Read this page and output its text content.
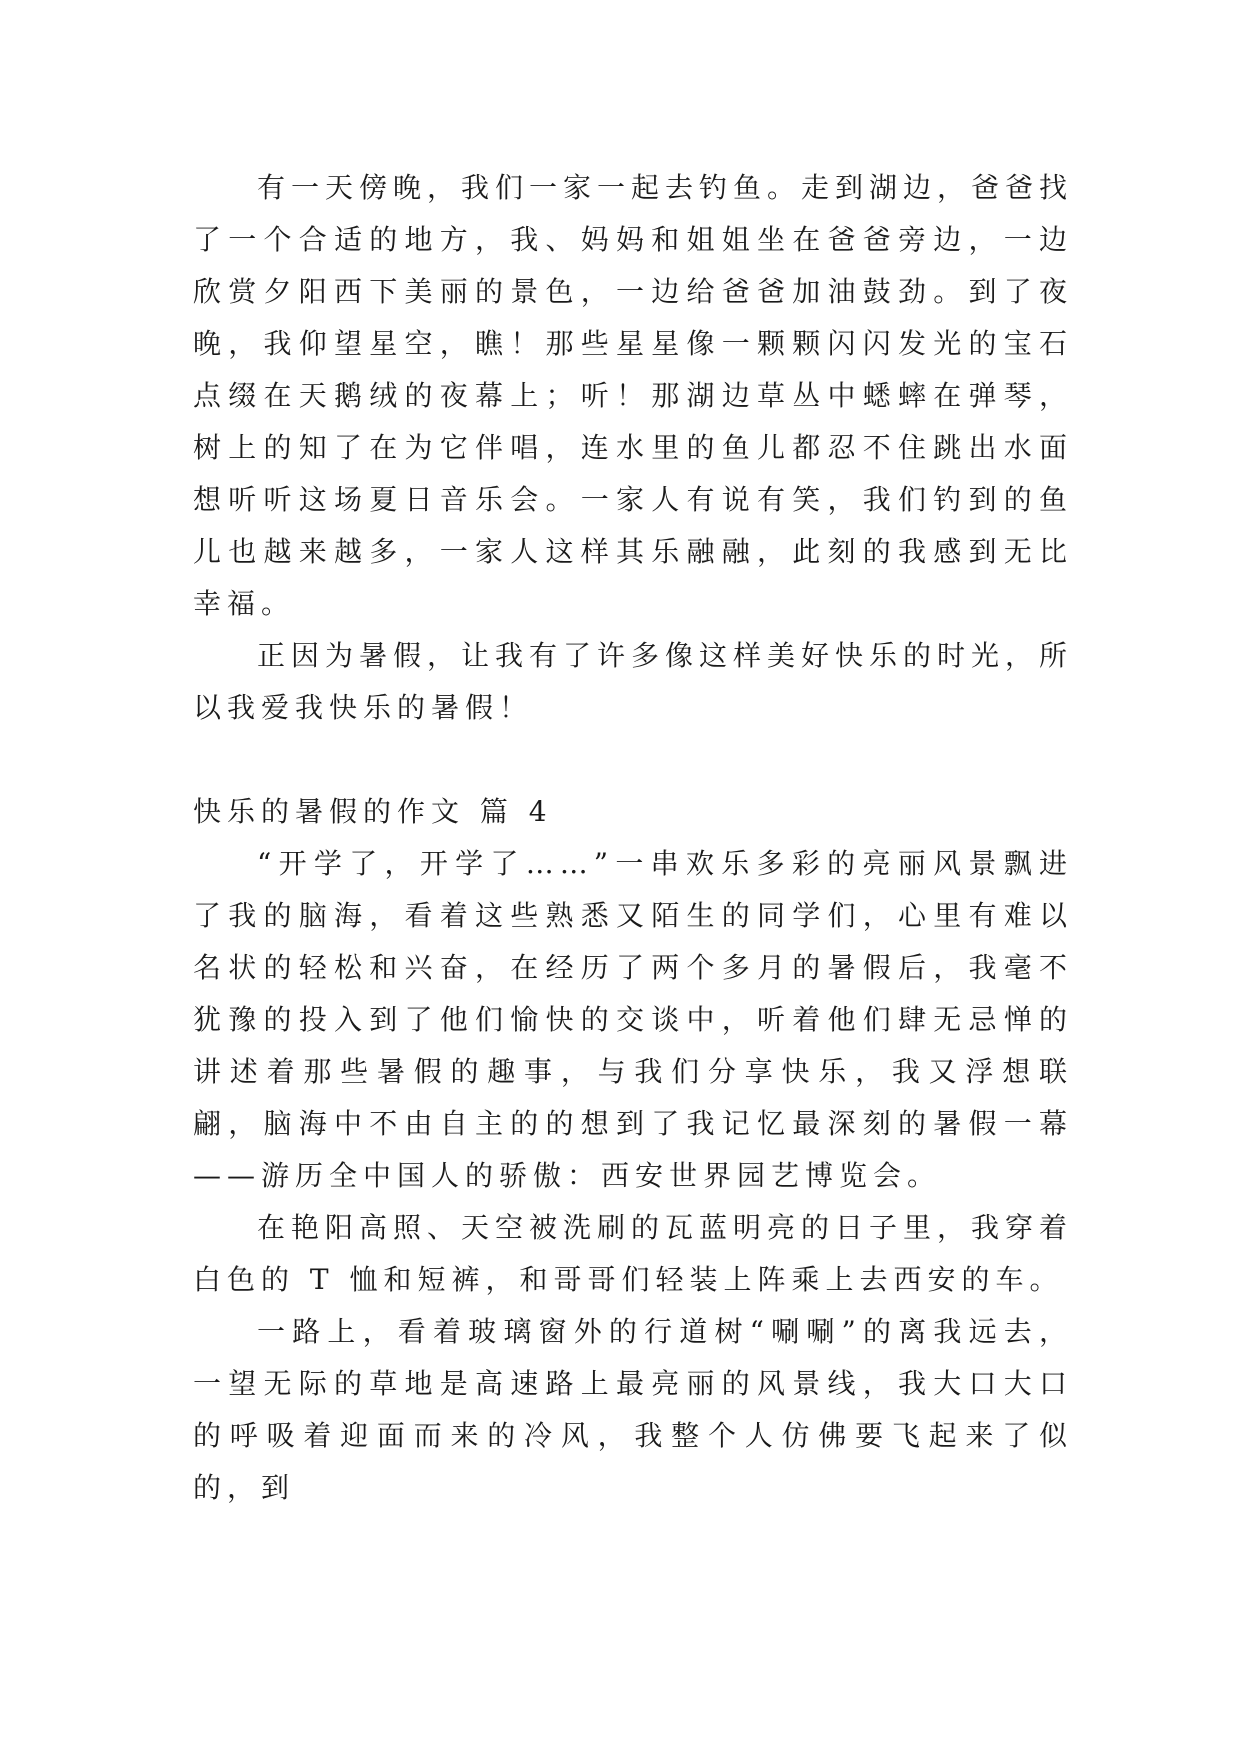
有一天傍晚，我们一家一起去钓鱼。走到湖边，爸爸找了一个合适的地方，我、妈妈和姐姐坐在爸爸旁边，一边欣赏夕阳西下美丽的景色，一边给爸爸加油鼓劲。到了夜晚，我仰望星空，瞧！那些星星像一颗颗闪闪发光的宝石点缀在天鹅绒的夜幕上；听！那湖边草丛中蟋蟀在弹琴，树上的知了在为它伴唱，连水里的鱼儿都忍不住跳出水面想听听这场夏日音乐会。一家人有说有笑，我们钓到的鱼儿也越来越多，一家人这样其乐融融，此刻的我感到无比幸福。

正因为暑假，让我有了许多像这样美好快乐的时光，所以我爱我快乐的暑假！

快乐的暑假的作文 篇 4

“开学了，开学了……”一串欢乐多彩的亮丽风景飘进了我的脑海，看着这些熟悉又陌生的同学们，心里有难以名状的轻松和兴奋，在经历了两个多月的暑假后，我毫不犹豫的投入到了他们愉快的交谈中，听着他们肆无忌惮的讲述着那些暑假的趣事，与我们分享快乐，我又浮想联翩，脑海中不由自主的的想到了我记忆最深刻的暑假一幕——游历全中国人的骄傲：西安世界园艺博览会。

在艳阳高照、天空被洗刷的瓦蓝明亮的日子里，我穿着白色的 T 恤和短裤，和哥哥们轻装上阵乘上去西安的车。

一路上，看着玻璃窗外的行道树“唰唰”的离我远去，一望无际的草地是高速路上最亮丽的风景线，我大口大口的呼吸着迎面而来的冷风，我整个人仿佛要飞起来了似的，到
